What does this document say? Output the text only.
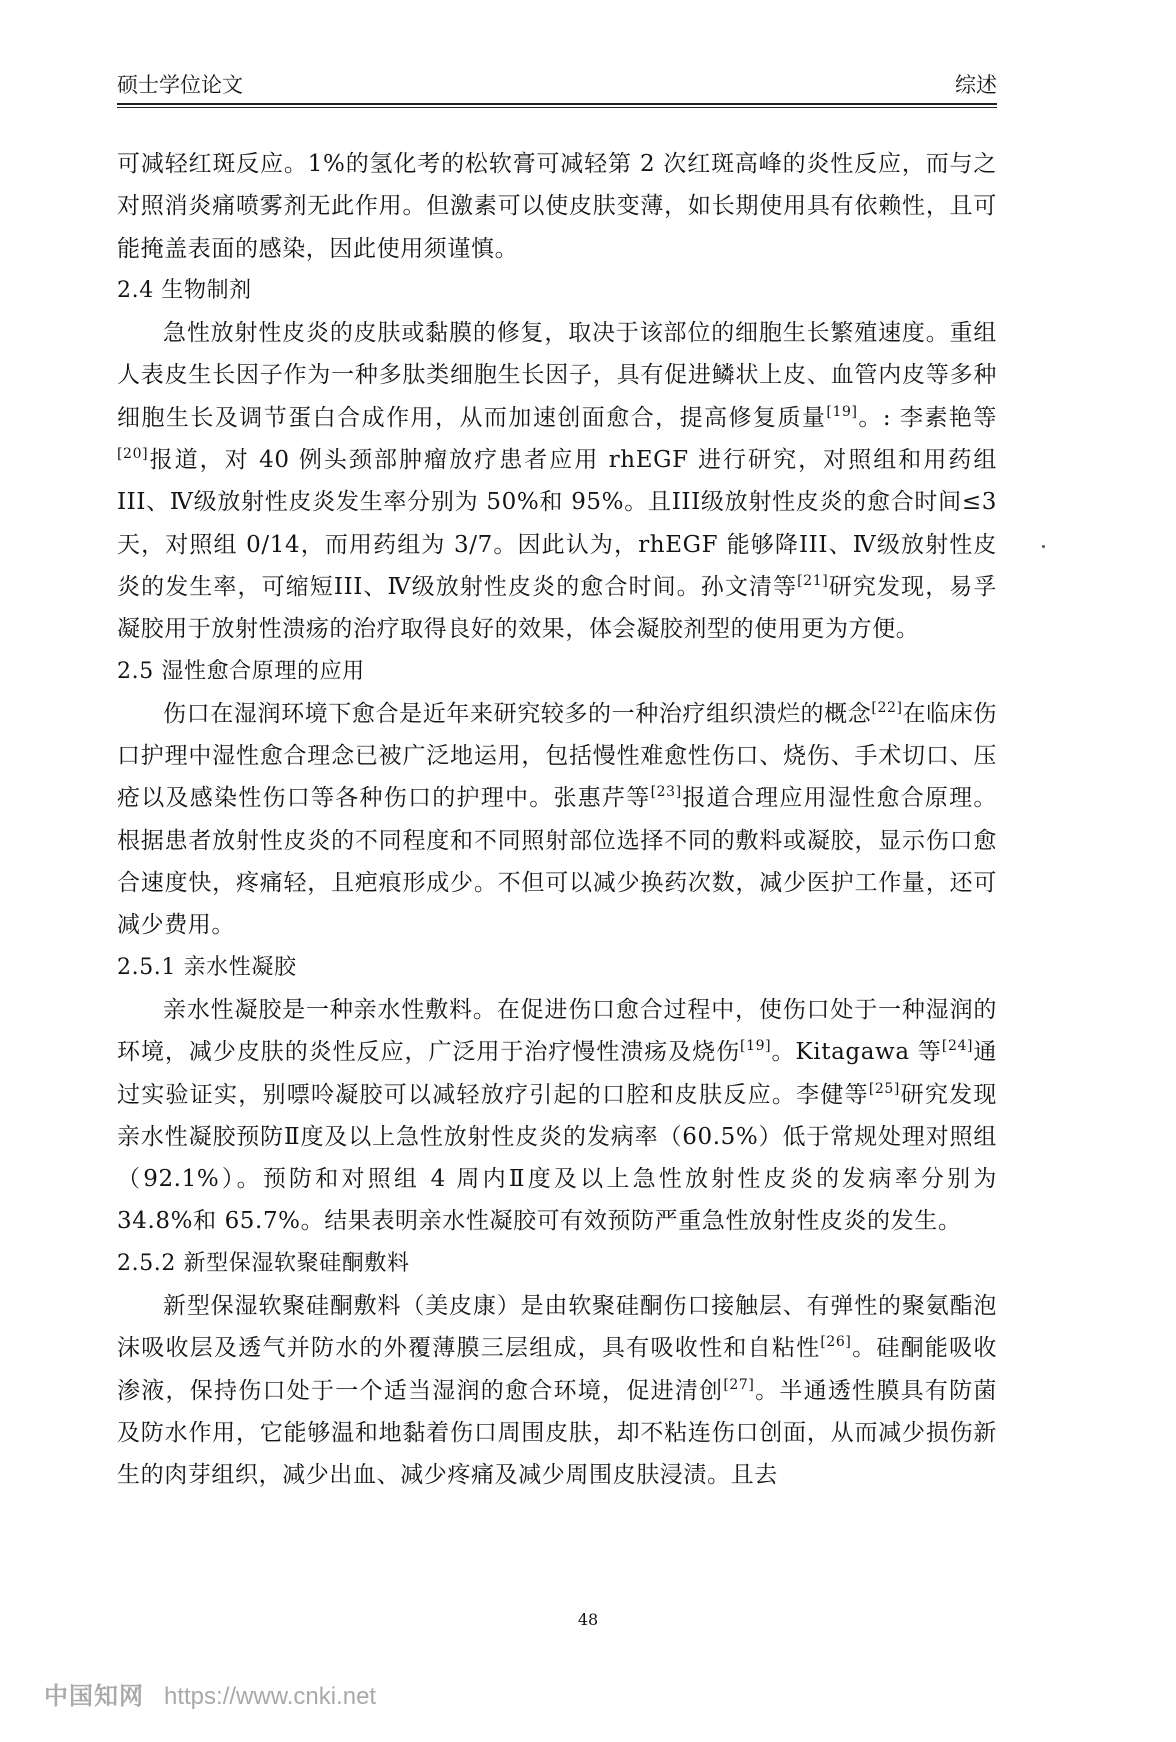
硕士学位论文	综述

可减轻红斑反应。1%的氢化考的松软膏可减轻第 2 次红斑高峰的炎性反应，而与之对照消炎痛喷雾剂无此作用。但激素可以使皮肤变薄，如长期使用具有依赖性，且可能掩盖表面的感染，因此使用须谨慎。

2.4 生物制剂

急性放射性皮炎的皮肤或黏膜的修复，取决于该部位的细胞生长繁殖速度。重组人表皮生长因子作为一种多肽类细胞生长因子，具有促进鳞状上皮、血管内皮等多种细胞生长及调节蛋白合成作用，从而加速创面愈合，提高修复质量[19]。: 李素艳等[20]报道，对 40 例头颈部肿瘤放疗患者应用 rhEGF 进行研究，对照组和用药组III、Ⅳ级放射性皮炎发生率分别为 50%和 95%。且III级放射性皮炎的愈合时间≤3 天，对照组 0/14，而用药组为 3/7。因此认为，rhEGF 能够降III、Ⅳ级放射性皮炎的发生率，可缩短III、Ⅳ级放射性皮炎的愈合时间。孙文清等[21]研究发现，易孚凝胶用于放射性溃疡的治疗取得良好的效果，体会凝胶剂型的使用更为方便。

2.5 湿性愈合原理的应用

伤口在湿润环境下愈合是近年来研究较多的一种治疗组织溃烂的概念[22]在临床伤口护理中湿性愈合理念已被广泛地运用，包括慢性难愈性伤口、烧伤、手术切口、压疮以及感染性伤口等各种伤口的护理中。张惠芹等[23]报道合理应用湿性愈合原理。根据患者放射性皮炎的不同程度和不同照射部位选择不同的敷料或凝胶，显示伤口愈合速度快，疼痛轻，且疤痕形成少。不但可以减少换药次数，减少医护工作量，还可减少费用。

2.5.1 亲水性凝胶

亲水性凝胶是一种亲水性敷料。在促进伤口愈合过程中，使伤口处于一种湿润的环境，减少皮肤的炎性反应，广泛用于治疗慢性溃疡及烧伤[19]。Kitagawa 等[24]通过实验证实，别嘌呤凝胶可以减轻放疗引起的口腔和皮肤反应。李健等[25]研究发现亲水性凝胶预防Ⅱ度及以上急性放射性皮炎的发病率（60.5%）低于常规处理对照组（92.1%）。预防和对照组 4 周内Ⅱ度及以上急性放射性皮炎的发病率分别为 34.8%和 65.7%。结果表明亲水性凝胶可有效预防严重急性放射性皮炎的发生。

2.5.2 新型保湿软聚硅酮敷料

新型保湿软聚硅酮敷料（美皮康）是由软聚硅酮伤口接触层、有弹性的聚氨酯泡沫吸收层及透气并防水的外覆薄膜三层组成，具有吸收性和自粘性[26]。硅酮能吸收渗液，保持伤口处于一个适当湿润的愈合环境，促进清创[27]。半通透性膜具有防菌及防水作用，它能够温和地黏着伤口周围皮肤，却不粘连伤口创面，从而减少损伤新生的肉芽组织，减少出血、减少疼痛及减少周围皮肤浸渍。且去

48
中国知网 https://www.cnki.net
